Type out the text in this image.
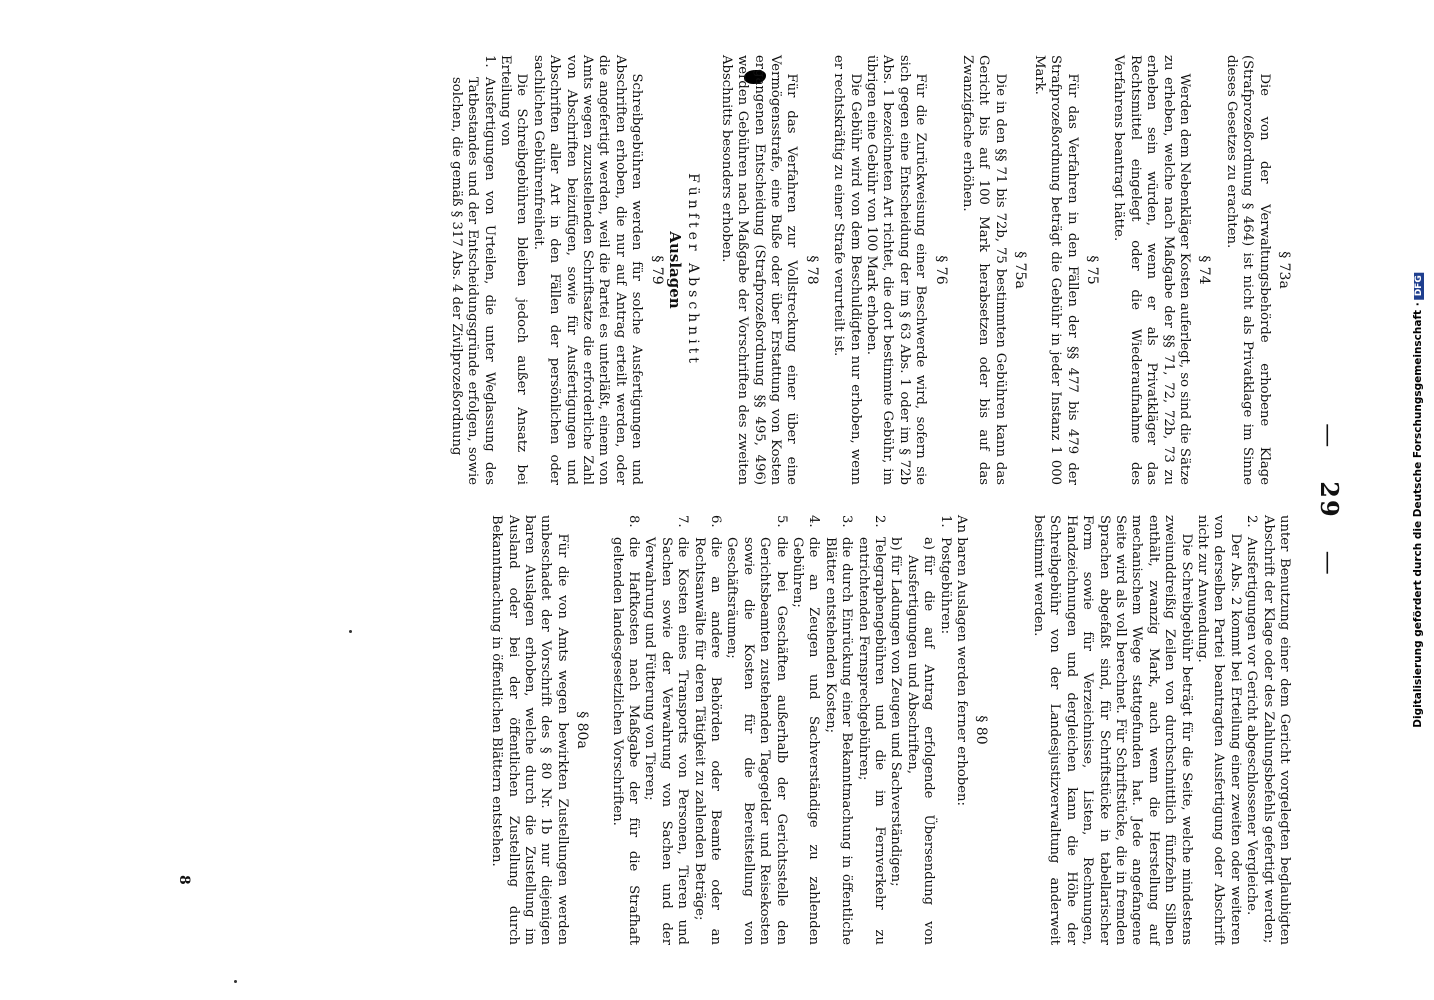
—29—
§ 73a

Die von der Verwaltungsbehörde erhobene Klage (Strafprozeßordnung § 464) ist nicht als Privatklage im Sinne dieses Gesetzes zu erachten.

§ 74

Werden dem Nebenkläger Kosten auferlegt, so sind die Sätze zu erheben, welche nach Maßgabe der §§ 71, 72, 72b, 73 zu erheben sein würden, wenn er als Privatkläger das Rechtsmittel eingelegt oder die Wiederaufnahme des Verfahrens beantragt hätte.

§ 75

Für das Verfahren in den Fällen der §§ 477 bis 479 der Strafprozeßordnung beträgt die Gebühr in jeder Instanz 1 000 Mark.

§ 75a

Die in den §§ 71 bis 72b, 75 bestimmten Gebühren kann das Gericht bis auf 100 Mark herabsetzen oder bis auf das Zwanzigfache erhöhen.

§ 76

Für die Zurückweisung einer Beschwerde wird, sofern sie sich gegen eine Entscheidung der im § 63 Abs. 1 oder im § 72b Abs. 1 bezeichneten Art richtet, die dort bestimmte Gebühr, im übrigen eine Gebühr von 100 Mark erhoben.

Die Gebühr wird von dem Beschuldigten nur erhoben, wenn er rechtskräftig zu einer Strafe verurteilt ist.

§ 78

Für das Verfahren zur Vollstreckung einer über eine Vermögensstrafe, eine Buße oder über Erstattung von Kosten ergangenen Entscheidung (Strafprozeßordnung §§ 495, 496) werden Gebühren nach Maßgabe der Vorschriften des zweiten Abschnitts besonders erhoben.

Fünfter Abschnitt
Auslagen
§ 79

Schreibgebühren werden für solche Ausfertigungen und Abschriften erhoben, die nur auf Antrag erteilt werden, oder die angefertigt werden, weil die Partei es unterläßt, einem von Amts wegen zuzustellenden Schriftsatze die erforderliche Zahl von Abschriften beizufügen, sowie für Ausfertigungen und Abschriften aller Art in den Fällen der persönlichen oder sachlichen Gebührenfreiheit.

Die Schreibgebühren bleiben jedoch außer Ansatz bei Erteilung von

1.
Ausfertigungen von Urteilen, die unter Weglassung des Tatbestandes und der Entscheidungsgründe erfolgen, sowie solchen, die gemäß § 317 Abs. 4 der Zivilprozeßordnung

unter Benutzung einer dem Gericht vorgelegten beglaubigten Abschrift der Klage oder des Zahlungsbefehls gefertigt werden;

2.
Ausfertigungen vor Gericht abgeschlossener Vergleiche.

Der Abs. 2 kommt bei Erteilung einer zweiten oder weiteren von derselben Partei beantragten Ausfertigung oder Abschrift nicht zur Anwendung.

Die Schreibgebühr beträgt für die Seite, welche mindestens zweiunddreißig Zeilen von durchschnittlich fünfzehn Silben enthält, zwanzig Mark, auch wenn die Herstellung auf mechanischem Wege stattgefunden hat. Jede angefangene Seite wird als voll berechnet. Für Schriftstücke, die in fremden Sprachen abgefaßt sind, für Schriftstücke in tabellarischer Form sowie für Verzeichnisse, Listen, Rechnungen, Handzeichnungen und dergleichen kann die Höhe der Schreibgebühr von der Landesjustizverwaltung anderweit bestimmt werden.

§ 80

An baren Auslagen werden ferner erhoben:

1.
Postgebühren:
a)
für die auf Antrag erfolgende Übersendung von Ausfertigungen und Abschriften,
b)
für Ladungen von Zeugen und Sachverständigen;
2.
Telegraphengebühren und die im Fernverkehr zu entrichtenden Fernsprechgebühren;
3.
die durch Einrückung einer Bekanntmachung in öffentliche Blätter entstehenden Kosten;
4.
die an Zeugen und Sachverständige zu zahlenden Gebühren;
5.
die bei Geschäften außerhalb der Gerichtsstelle den Gerichtsbeamten zustehenden Tagegelder und Reisekosten sowie die Kosten für die Bereitstellung von Geschäftsräumen;
6.
die an andere Behörden oder Beamte oder an Rechtsanwälte für deren Tätigkeit zu zahlenden Beträge;
7.
die Kosten eines Transports von Personen, Tieren und Sachen sowie der Verwahrung von Sachen und der Verwahrung und Fütterung von Tieren;
8.
die Haftkosten nach Maßgabe der für die Strafhaft geltenden landesgesetzlichen Vorschriften.
§ 80a

Für die von Amts wegen bewirkten Zustellungen werden unbeschadet der Vorschrift des § 80 Nr. 1b nur diejenigen baren Auslagen erhoben, welche durch die Zustellung im Ausland oder bei der öffentlichen Zustellung durch Bekanntmachung in öffentlichen Blättern entstehen.

8
Digitalisierung gefördert durch die Deutsche Forschungsgemeinschaft ·DFG
